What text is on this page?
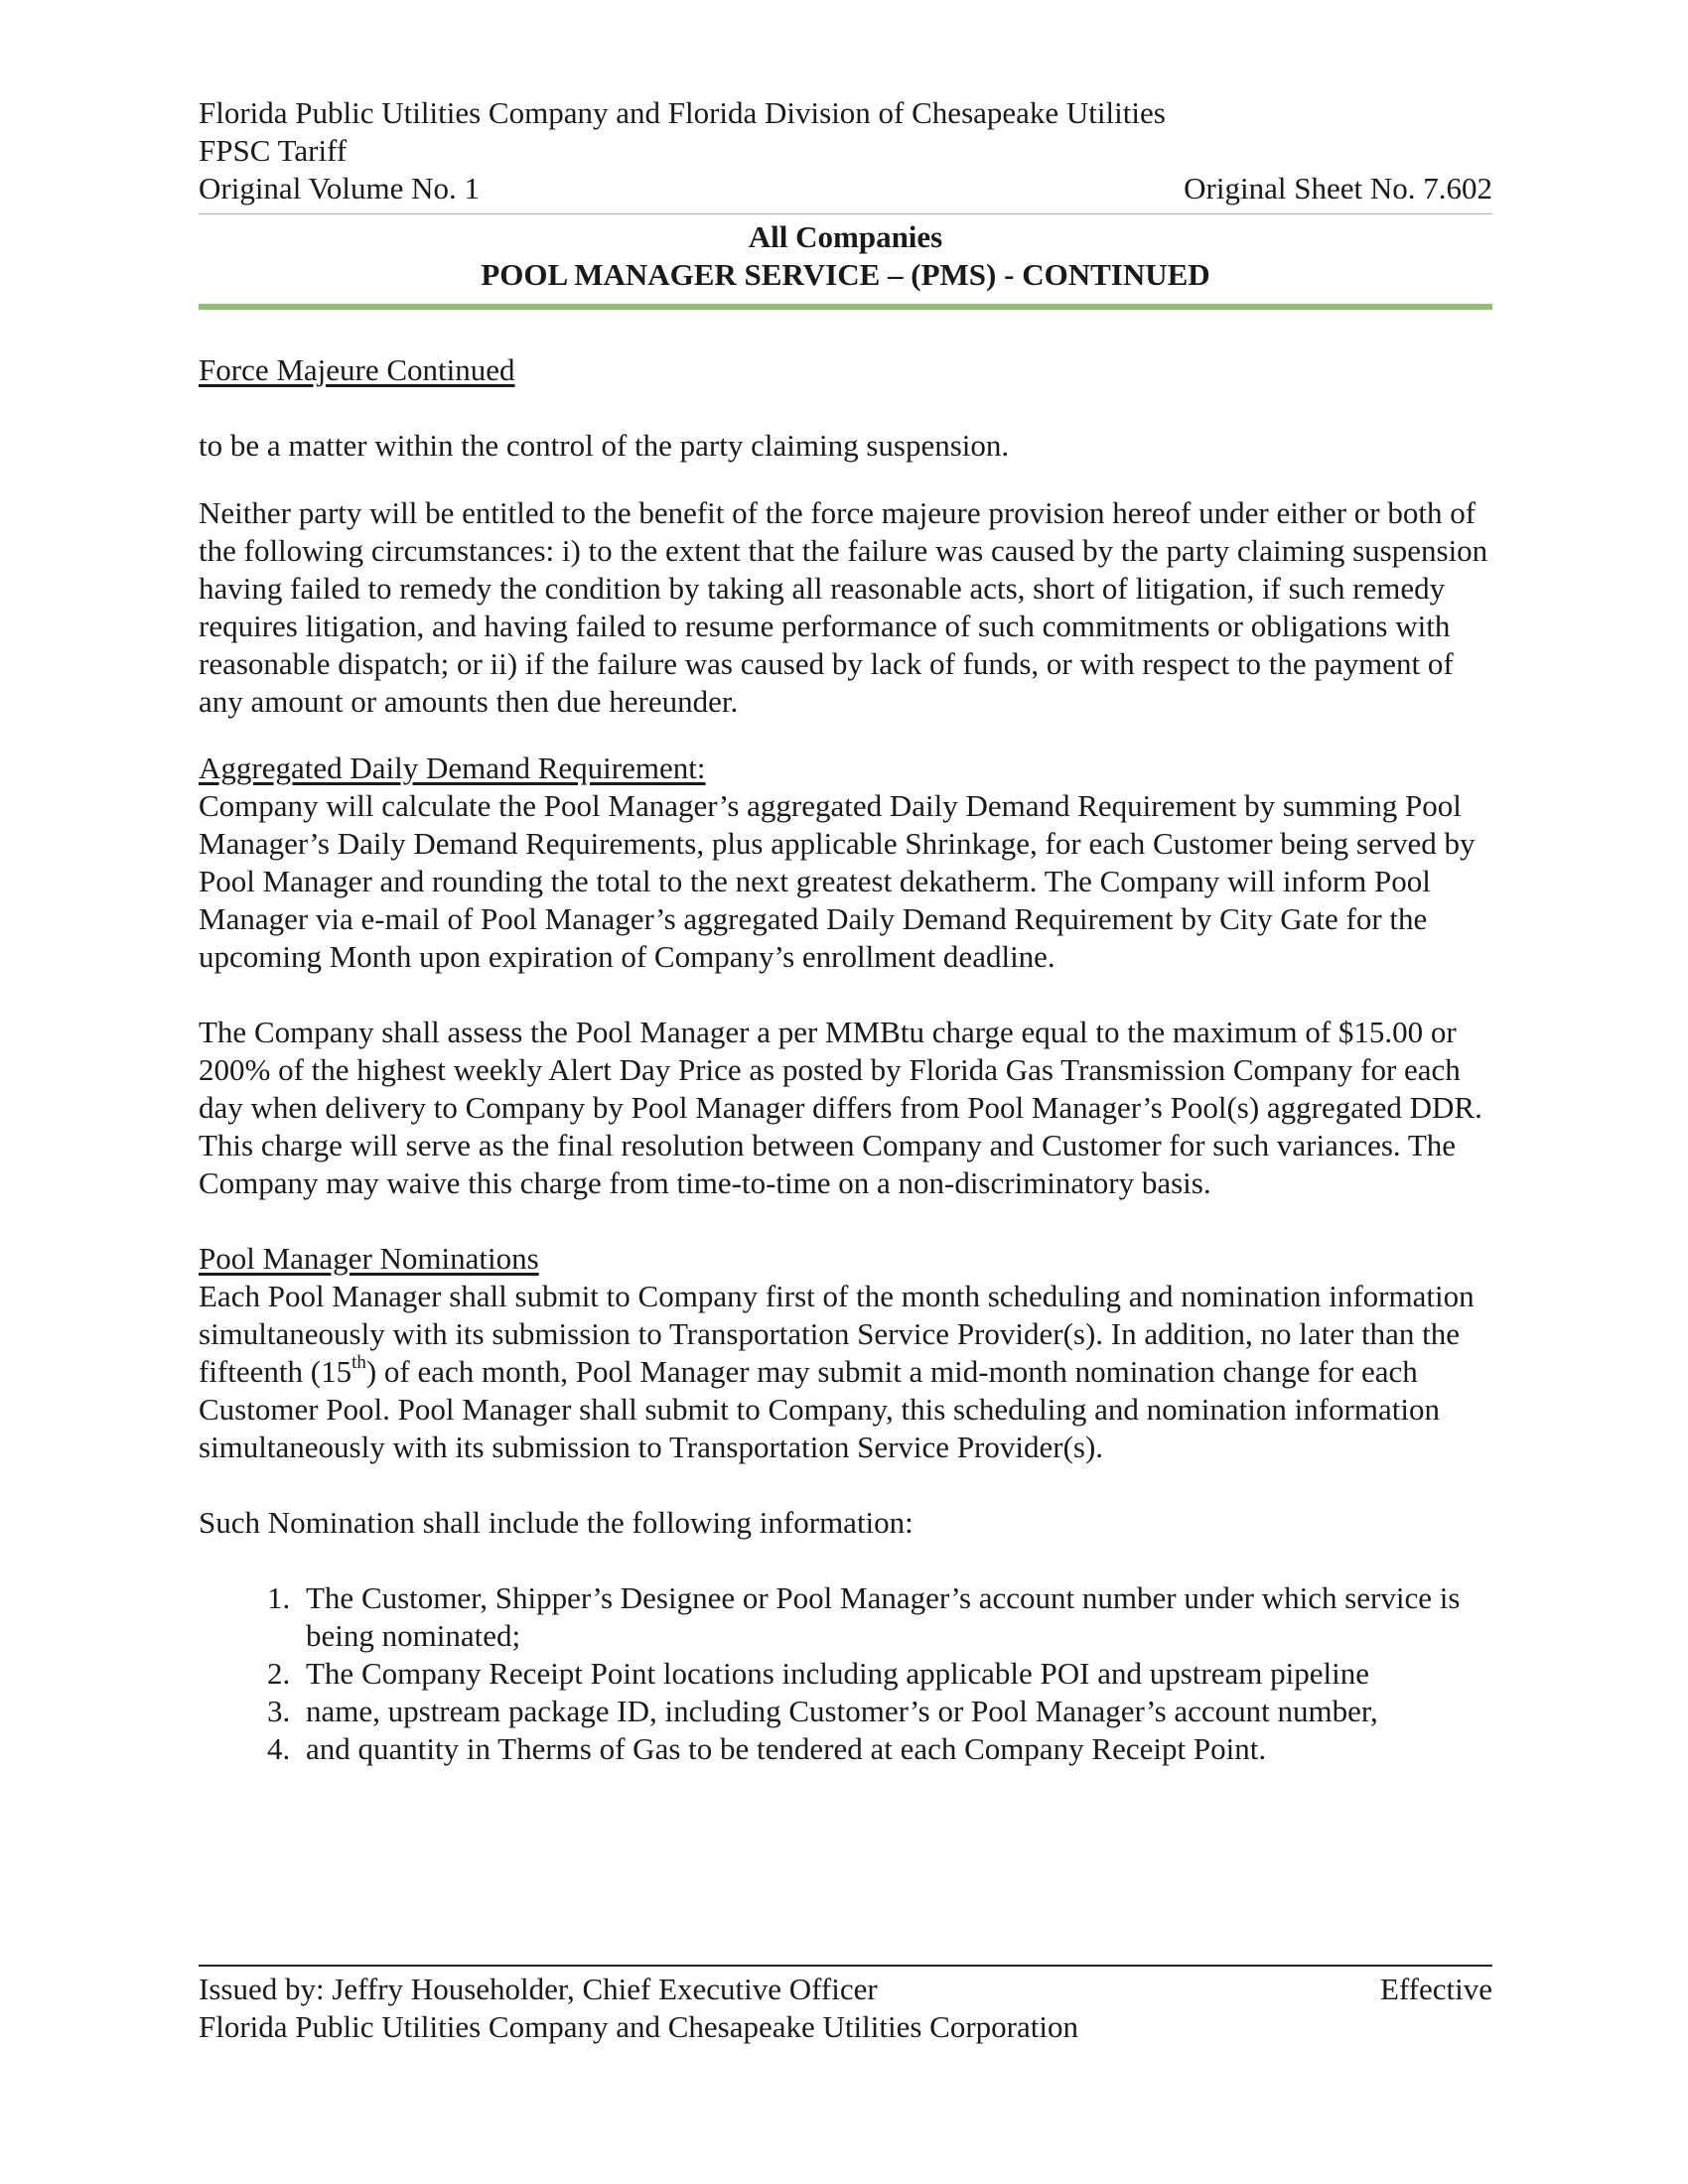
Florida Public Utilities Company and Florida Division of Chesapeake Utilities
FPSC Tariff
Original Volume No. 1	Original Sheet No. 7.602
All Companies
POOL MANAGER SERVICE – (PMS) - CONTINUED

Force Majeure Continued

to be a matter within the control of the party claiming suspension.

Neither party will be entitled to the benefit of the force majeure provision hereof under either or both of the following circumstances: i) to the extent that the failure was caused by the party claiming suspension having failed to remedy the condition by taking all reasonable acts, short of litigation, if such remedy requires litigation, and having failed to resume performance of such commitments or obligations with reasonable dispatch; or ii) if the failure was caused by lack of funds, or with respect to the payment of any amount or amounts then due hereunder.

Aggregated Daily Demand Requirement:

Company will calculate the Pool Manager’s aggregated Daily Demand Requirement by summing Pool Manager’s Daily Demand Requirements, plus applicable Shrinkage, for each Customer being served by Pool Manager and rounding the total to the next greatest dekatherm. The Company will inform Pool Manager via e-mail of Pool Manager’s aggregated Daily Demand Requirement by City Gate for the upcoming Month upon expiration of Company’s enrollment deadline.

The Company shall assess the Pool Manager a per MMBtu charge equal to the maximum of $15.00 or 200% of the highest weekly Alert Day Price as posted by Florida Gas Transmission Company for each day when delivery to Company by Pool Manager differs from Pool Manager’s Pool(s) aggregated DDR. This charge will serve as the final resolution between Company and Customer for such variances. The Company may waive this charge from time-to-time on a non-discriminatory basis.

Pool Manager Nominations

Each Pool Manager shall submit to Company first of the month scheduling and nomination information simultaneously with its submission to Transportation Service Provider(s). In addition, no later than the fifteenth (15th) of each month, Pool Manager may submit a mid-month nomination change for each Customer Pool. Pool Manager shall submit to Company, this scheduling and nomination information simultaneously with its submission to Transportation Service Provider(s).

Such Nomination shall include the following information:

1. The Customer, Shipper’s Designee or Pool Manager’s account number under which service is being nominated;
2. The Company Receipt Point locations including applicable POI and upstream pipeline
3. name, upstream package ID, including Customer’s or Pool Manager’s account number,
4. and quantity in Therms of Gas to be tendered at each Company Receipt Point.
Issued by: Jeffry Householder, Chief Executive Officer	Effective
Florida Public Utilities Company and Chesapeake Utilities Corporation
